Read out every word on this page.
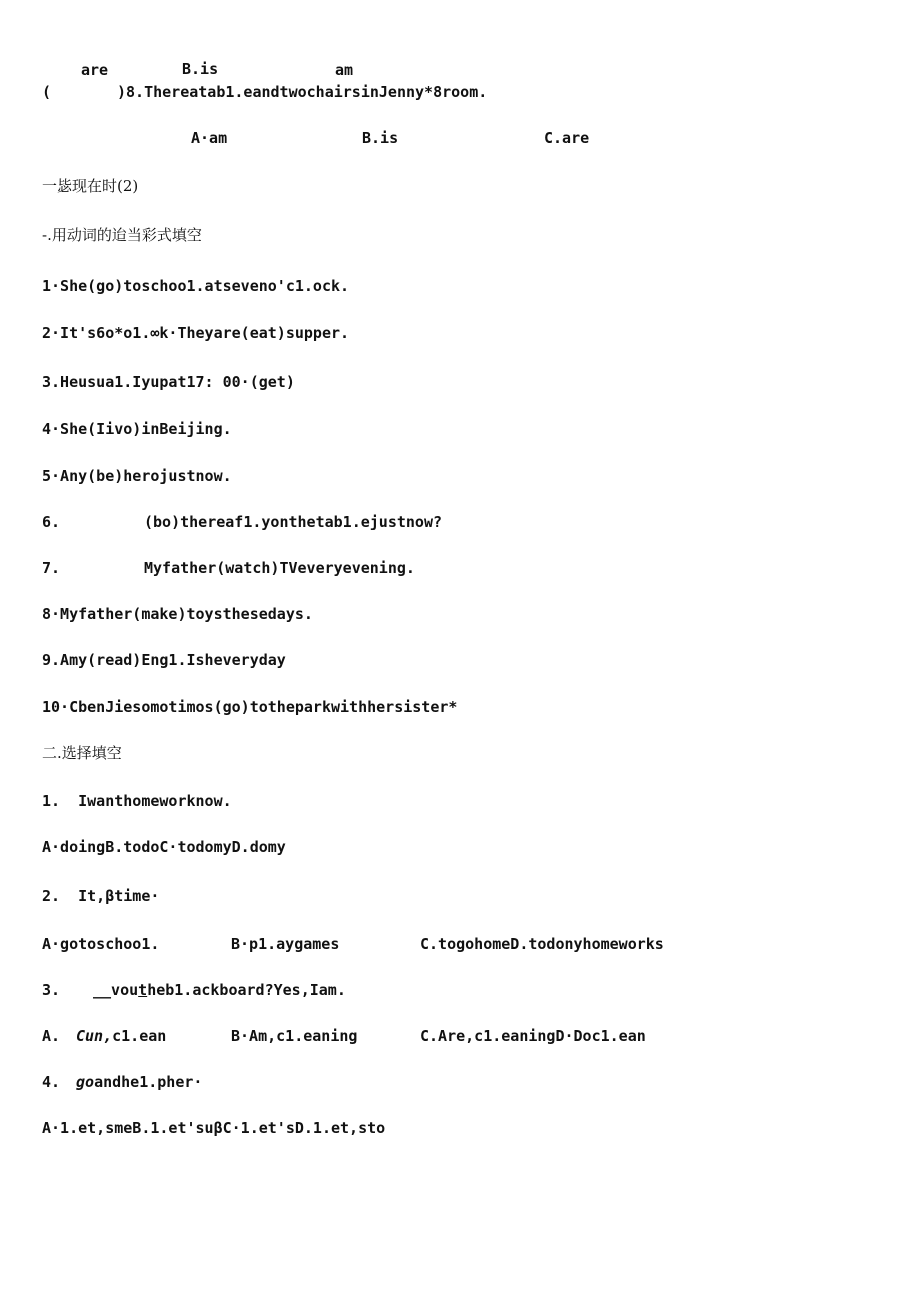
are	B.is	am
(	)8.Thereatab1.eandtwochairsinJenny*8room.
A·am	B.is	C.are
一毖现在时(2)
-.用动词的迨当彩式填空
1·She(go)toschoo1.atseveno'c1.ock.
2·It's6o*o1.∞k·Theyare(eat)supper.
3.Heusua1.Iyupat17: 00·(get)
4·She(Iivo)inBeijing.
5·Any(be)herojustnow.
6.	(bo)thereaf1.yonthetab1.ejustnow?
7.	Myfather(watch)TVeveryevening.
8·Myfather(make)toysthesedays.
9.Amy(read)Eng1.Isheveryday
10·CbenJiesomotimos(go)totheparkwithhersister*
二.选择填空
1.  Iwanthomeworknow.
A·doingB.todoC·todomyD.domy
2.  It,βtime·
A·gotoschoo1.	B·p1.aygames	C.togohomeD.todonyhomeworks
3. __voutheb1.ackboard?Yes,Iam.
A. Cun,c1.ean	B·Am,c1.eaning	C.Are,c1.eaningD·Doc1.ean
4. goandhe1.pher·
A·1.et,smeB.1.et'suβC·1.et'sD.1.et,sto
